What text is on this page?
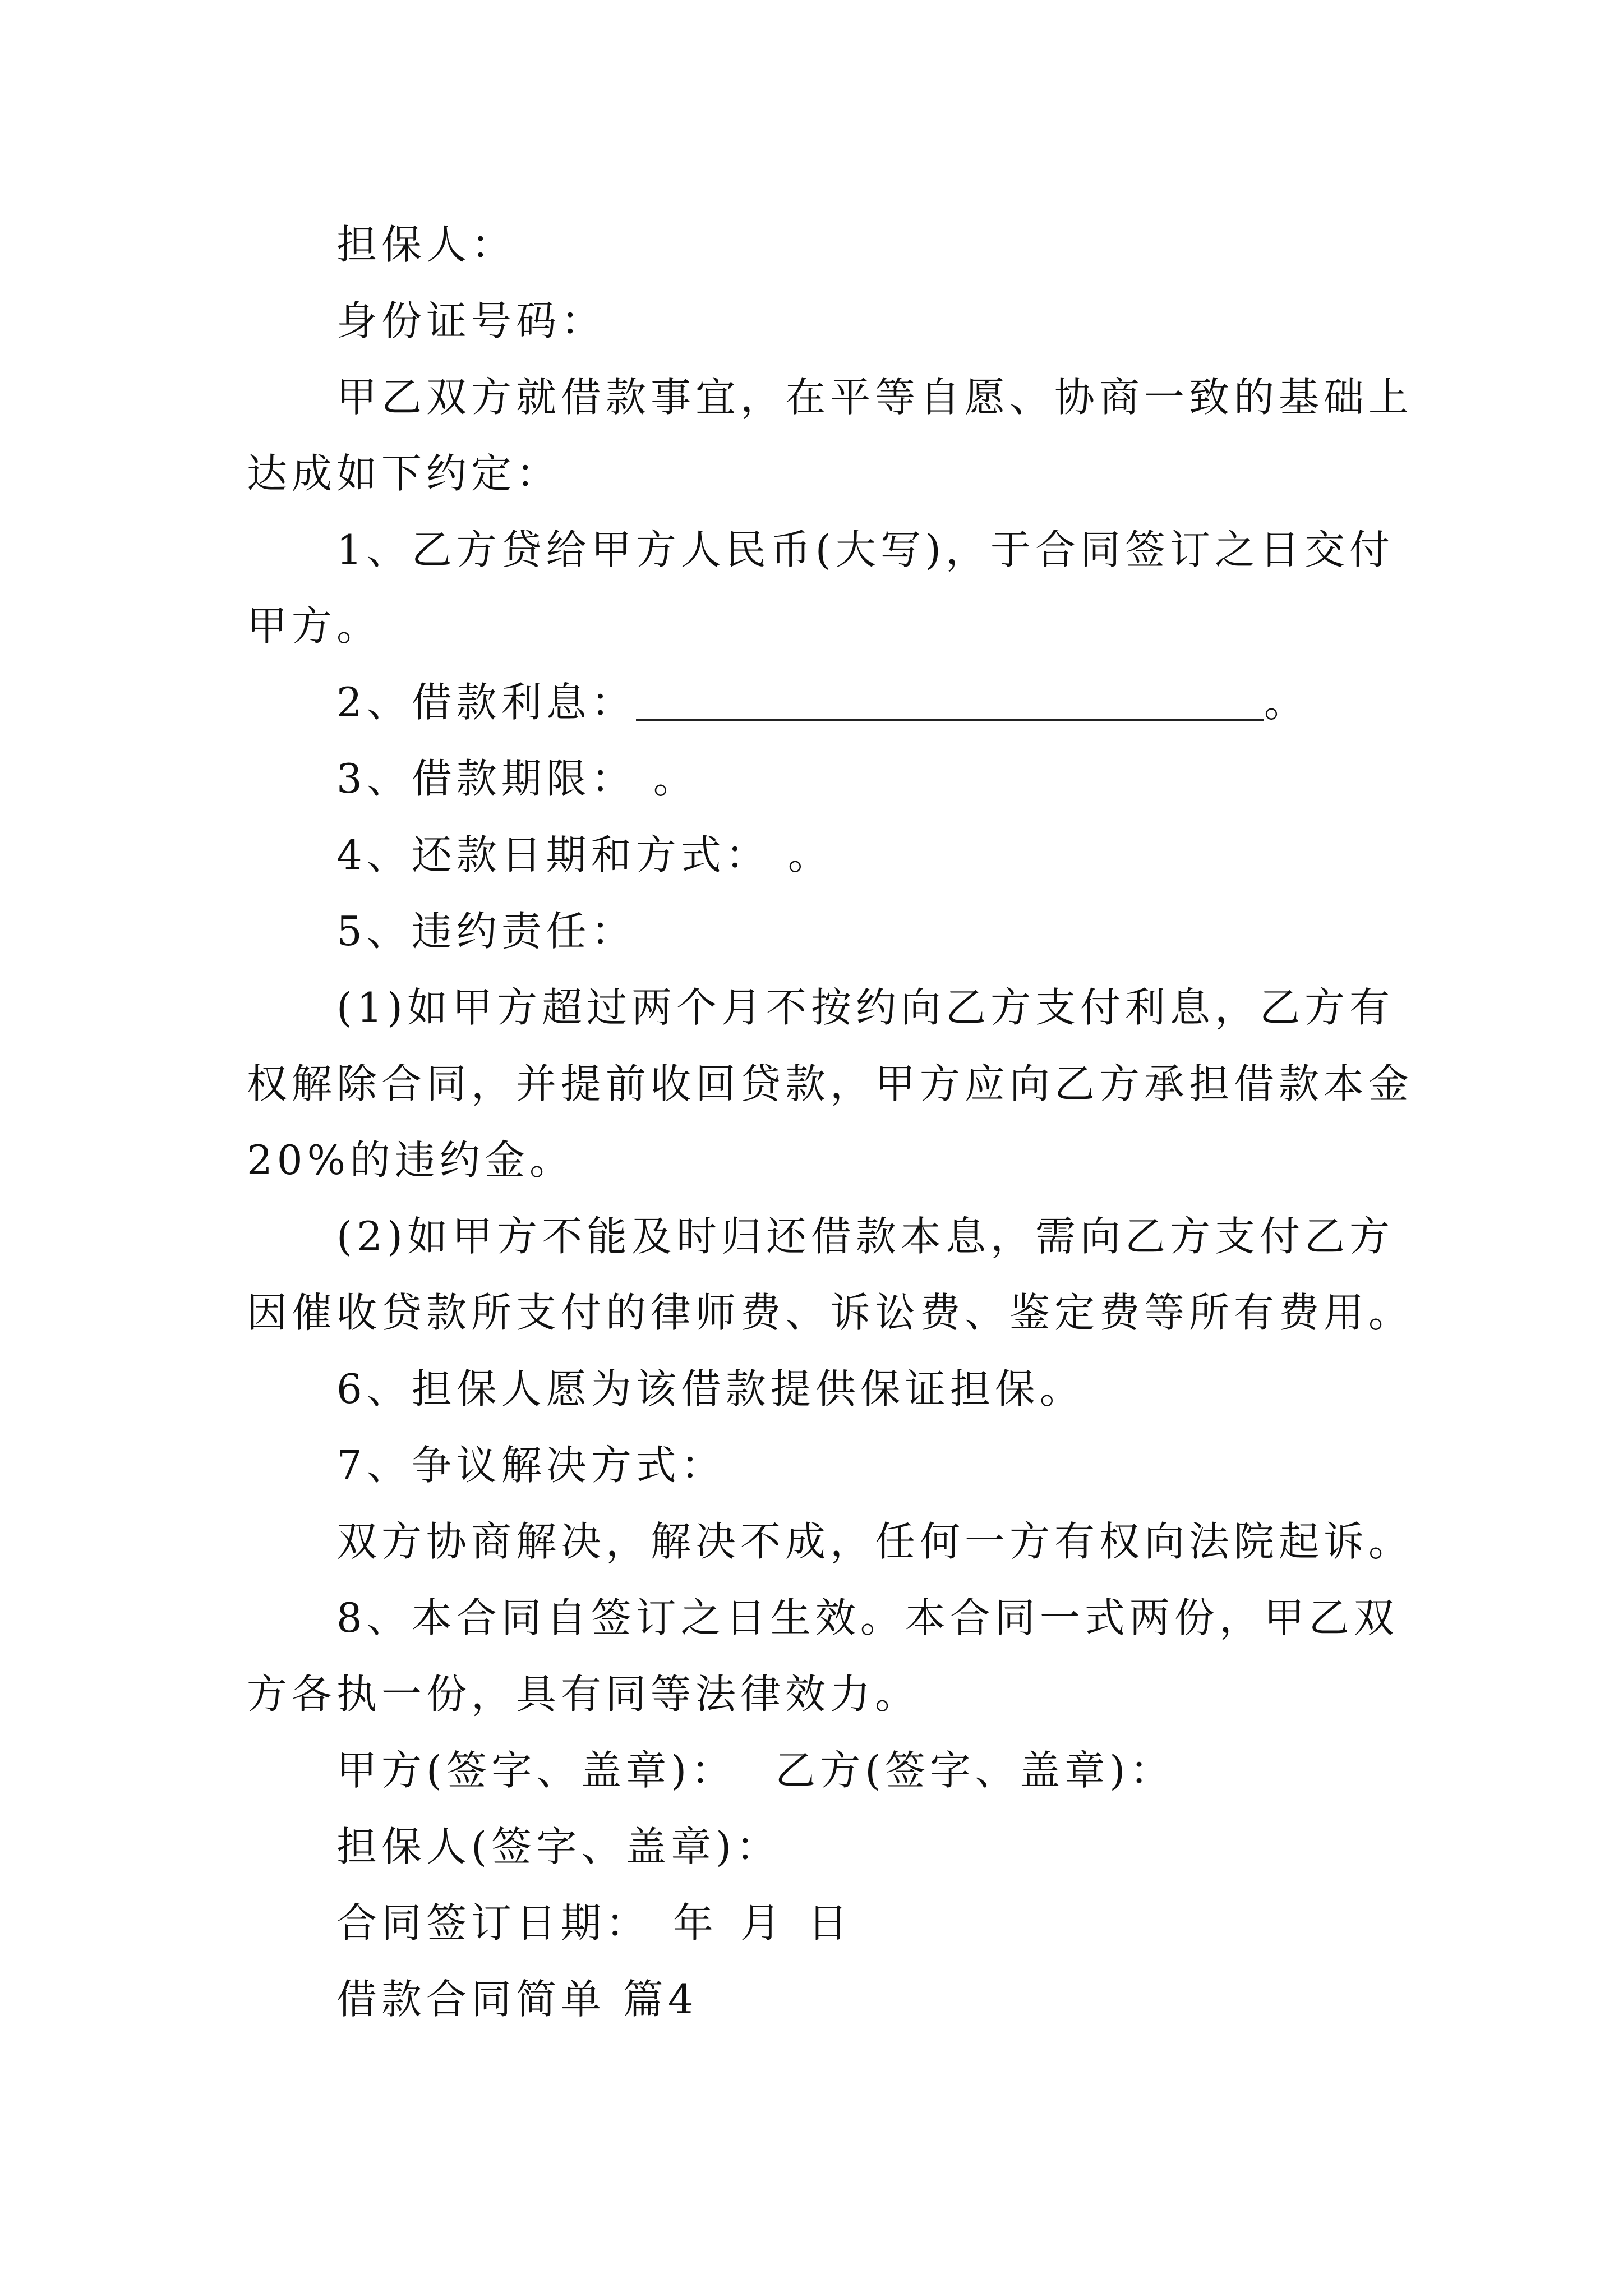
担保人：
身份证号码：
甲乙双方就借款事宜，在平等自愿、协商一致的基础上
达成如下约定：
1、乙方贷给甲方人民币(大写)，于合同签订之日交付
甲方。
2、借款利息：	。
3、借款期限： 。
4、还款日期和方式： 。
5、违约责任：
(1)如甲方超过两个月不按约向乙方支付利息，乙方有
权解除合同，并提前收回贷款，甲方应向乙方承担借款本金
20%的违约金。
(2)如甲方不能及时归还借款本息，需向乙方支付乙方
因催收贷款所支付的律师费、诉讼费、鉴定费等所有费用。
6、担保人愿为该借款提供保证担保。
7、争议解决方式：
双方协商解决，解决不成，任何一方有权向法院起诉。
8、本合同自签订之日生效。本合同一式两份，甲乙双
方各执一份，具有同等法律效力。
甲方(签字、盖章)： 乙方(签字、盖章)：
担保人(签字、盖章)：
合同签订日期： 年 月 日
借款合同简单 篇4
